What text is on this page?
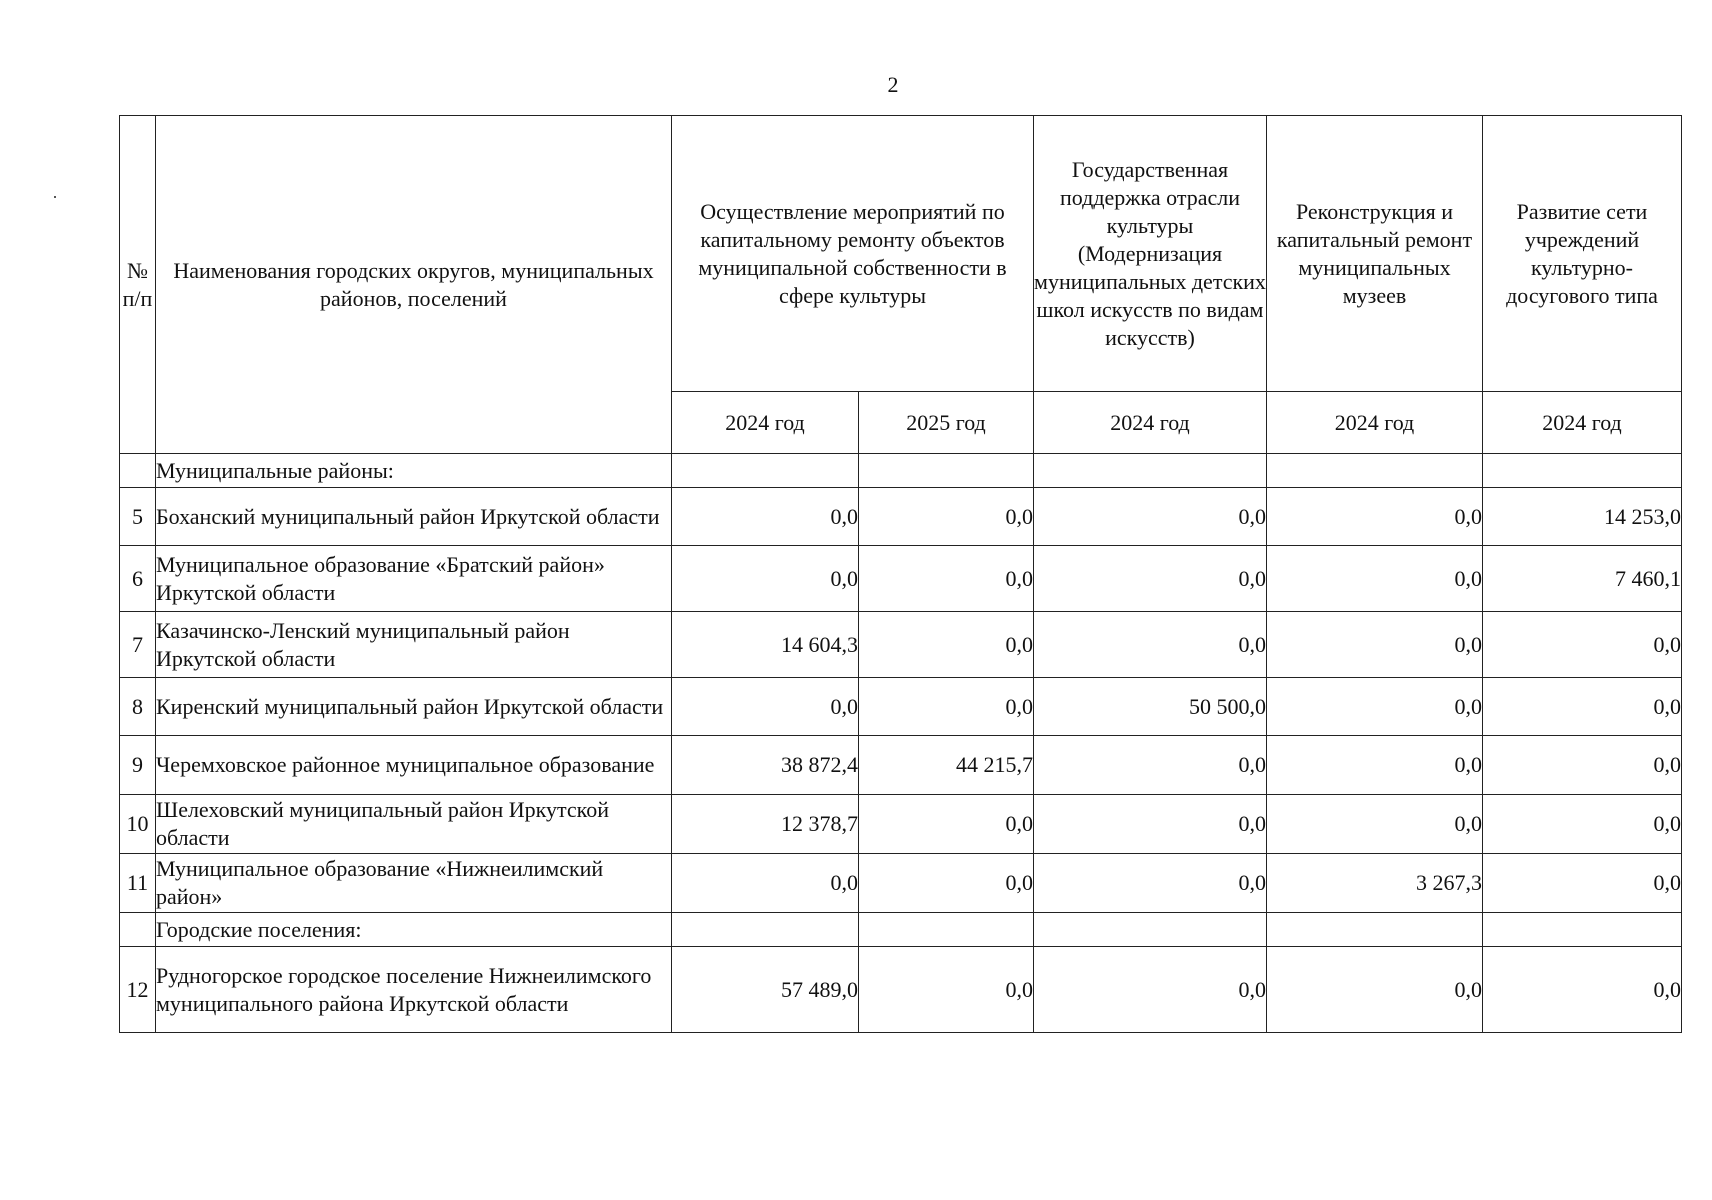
2
№ п/п	Наименования городских округов, муниципальных районов, поселений	Осуществление мероприятий по капитальному ремонту объектов муниципальной собственности в сфере культуры		Государственная поддержка отрасли культуры (Модернизация муниципальных детских школ искусств по видам искусств)	Реконструкция и капитальный ремонт муниципальных музеев	Развитие сети учреждений культурно-досугового типа
		2024 год	2025 год	2024 год	2024 год	2024 год
	Муниципальные районы:					
5	Боханский муниципальный район Иркутской области	0,0	0,0	0,0	0,0	14 253,0
6	Муниципальное образование «Братский район» Иркутской области	0,0	0,0	0,0	0,0	7 460,1
7	Казачинско-Ленский муниципальный район Иркутской области	14 604,3	0,0	0,0	0,0	0,0
8	Киренский муниципальный район Иркутской области	0,0	0,0	50 500,0	0,0	0,0
9	Черемховское районное муниципальное образование	38 872,4	44 215,7	0,0	0,0	0,0
10	Шелеховский муниципальный район Иркутской области	12 378,7	0,0	0,0	0,0	0,0
11	Муниципальное образование «Нижнеилимский район»	0,0	0,0	0,0	3 267,3	0,0
	Городские поселения:					
12	Рудногорское городское поселение Нижнеилимского муниципального района Иркутской области	57 489,0	0,0	0,0	0,0	0,0
